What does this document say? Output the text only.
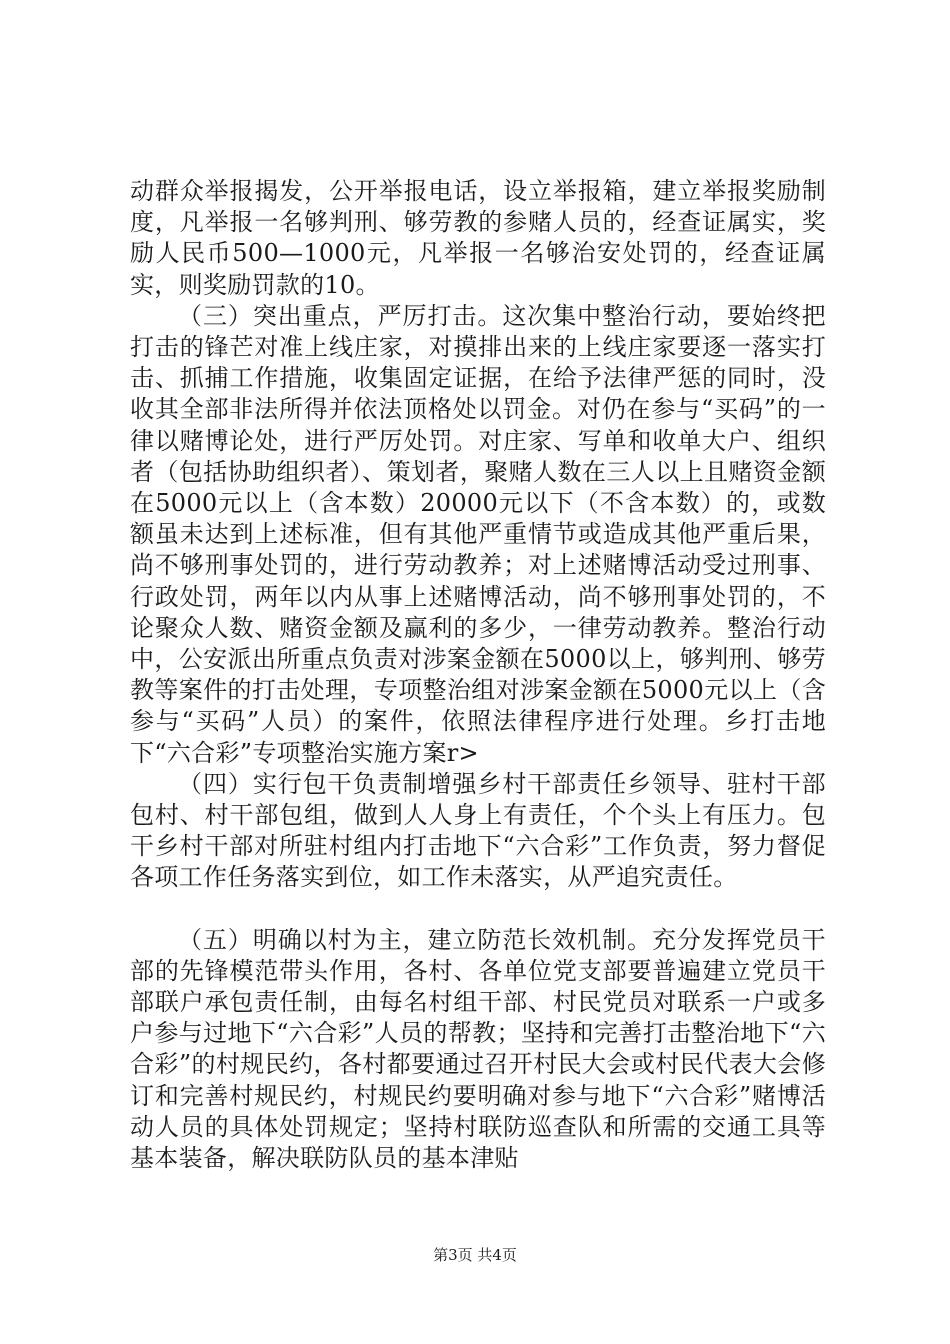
动群众举报揭发，公开举报电话，设立举报箱，建立举报奖励制度，凡举报一名够判刑、够劳教的参赌人员的，经查证属实，奖励人民币500—1000元，凡举报一名够治安处罚的，经查证属实，则奖励罚款的10。

（三）突出重点，严厉打击。这次集中整治行动，要始终把打击的锋芒对准上线庄家，对摸排出来的上线庄家要逐一落实打击、抓捕工作措施，收集固定证据，在给予法律严惩的同时，没收其全部非法所得并依法顶格处以罚金。对仍在参与“买码”的一律以赌博论处，进行严厉处罚。对庄家、写单和收单大户、组织者（包括协助组织者）、策划者，聚赌人数在三人以上且赌资金额在5000元以上（含本数）20000元以下（不含本数）的，或数额虽未达到上述标准，但有其他严重情节或造成其他严重后果，尚不够刑事处罚的，进行劳动教养；对上述赌博活动受过刑事、行政处罚，两年以内从事上述赌博活动，尚不够刑事处罚的，不论聚众人数、赌资金额及赢利的多少，一律劳动教养。整治行动中，公安派出所重点负责对涉案金额在5000以上，够判刑、够劳教等案件的打击处理，专项整治组对涉案金额在5000元以上（含参与“买码”人员）的案件，依照法律程序进行处理。乡打击地下“六合彩”专项整治实施方案r>

（四）实行包干负责制增强乡村干部责任乡领导、驻村干部包村、村干部包组，做到人人身上有责任，个个头上有压力。包干乡村干部对所驻村组内打击地下“六合彩”工作负责，努力督促各项工作任务落实到位，如工作未落实，从严追究责任。

（五）明确以村为主，建立防范长效机制。充分发挥党员干部的先锋模范带头作用，各村、各单位党支部要普遍建立党员干部联户承包责任制，由每名村组干部、村民党员对联系一户或多户参与过地下“六合彩”人员的帮教；坚持和完善打击整治地下“六合彩”的村规民约，各村都要通过召开村民大会或村民代表大会修订和完善村规民约，村规民约要明确对参与地下“六合彩”赌博活动人员的具体处罚规定；坚持村联防巡查队和所需的交通工具等基本装备，解决联防队员的基本津贴

第3页 共4页
